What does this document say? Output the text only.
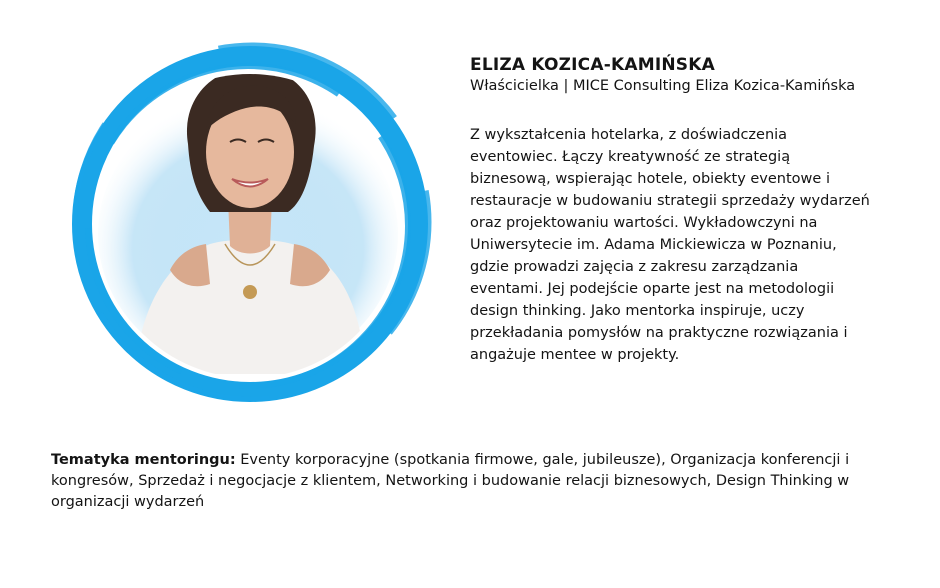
ELIZA KOZICA-KAMIŃSKA
Właścicielka | MICE Consulting Eliza Kozica-Kamińska

Z wykształcenia hotelarka, z doświadczenia eventowiec. Łączy kreatywność ze strategią biznesową, wspierając hotele, obiekty eventowe i restauracje w budowaniu strategii sprzedaży wydarzeń oraz projektowaniu wartości. Wykładowczyni na Uniwersytecie im. Adama Mickiewicza w Poznaniu, gdzie prowadzi zajęcia z zakresu zarządzania eventami. Jej podejście oparte jest na metodologii design thinking. Jako mentorka inspiruje, uczy przekładania pomysłów na praktyczne rozwiązania i angażuje mentee w projekty.

Tematyka mentoringu: Eventy korporacyjne (spotkania firmowe, gale, jubileusze), Organizacja konferencji i kongresów, Sprzedaż i negocjacje z klientem, Networking i budowanie relacji biznesowych, Design Thinking w organizacji wydarzeń
